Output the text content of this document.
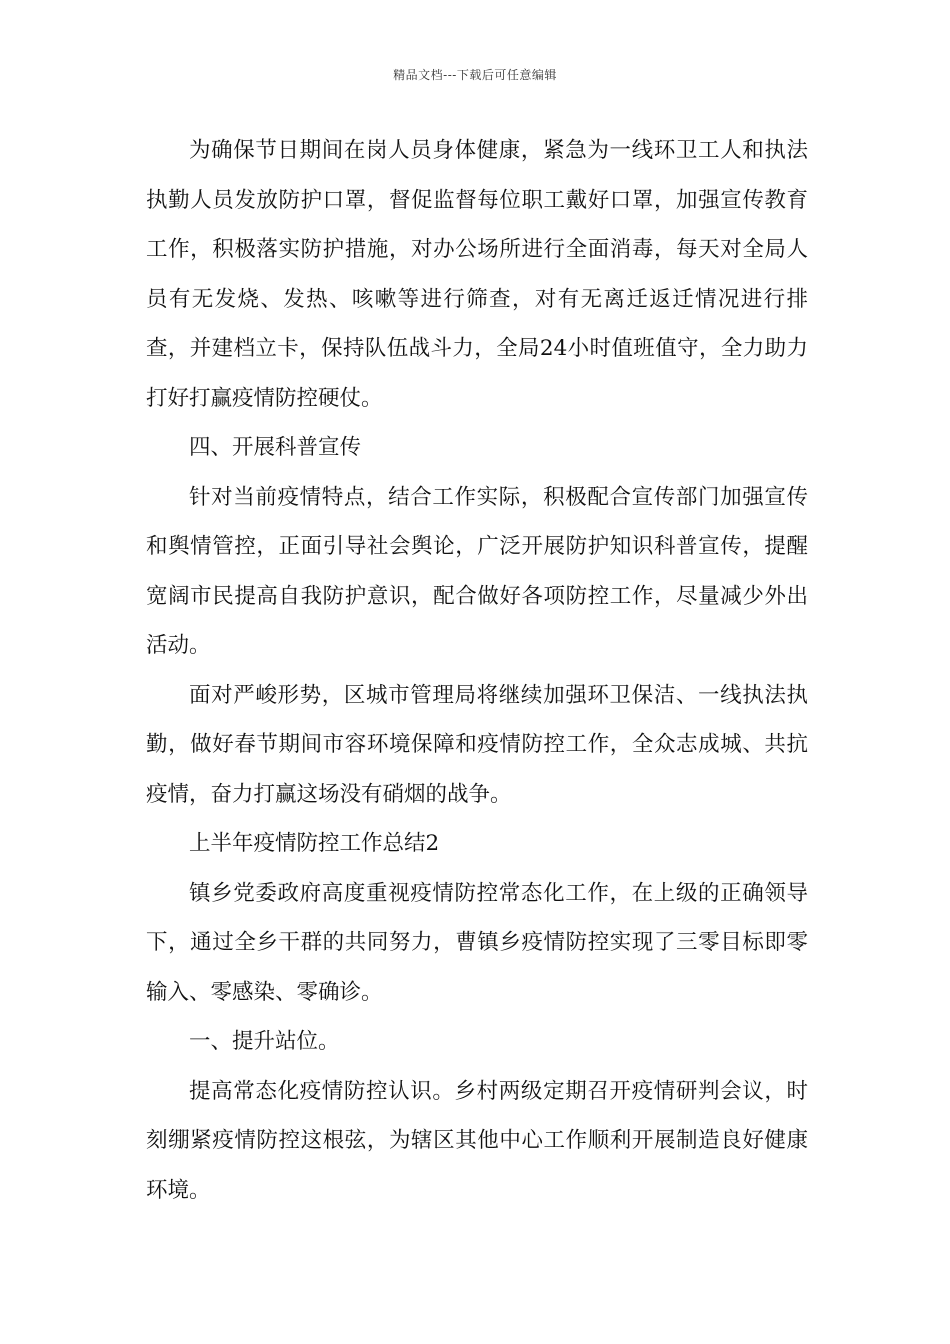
精品文档---下载后可任意编辑

为确保节日期间在岗人员身体健康，紧急为一线环卫工人和执法执勤人员发放防护口罩，督促监督每位职工戴好口罩，加强宣传教育工作，积极落实防护措施，对办公场所进行全面消毒，每天对全局人员有无发烧、发热、咳嗽等进行筛查，对有无离迁返迁情况进行排查，并建档立卡，保持队伍战斗力，全局24小时值班值守，全力助力打好打赢疫情防控硬仗。

四、开展科普宣传

针对当前疫情特点，结合工作实际，积极配合宣传部门加强宣传和舆情管控，正面引导社会舆论，广泛开展防护知识科普宣传，提醒宽阔市民提高自我防护意识，配合做好各项防控工作，尽量减少外出活动。

面对严峻形势，区城市管理局将继续加强环卫保洁、一线执法执勤，做好春节期间市容环境保障和疫情防控工作，全众志成城、共抗疫情，奋力打赢这场没有硝烟的战争。

上半年疫情防控工作总结2

镇乡党委政府高度重视疫情防控常态化工作，在上级的正确领导下，通过全乡干群的共同努力，曹镇乡疫情防控实现了三零目标即零输入、零感染、零确诊。

一、提升站位。

提高常态化疫情防控认识。乡村两级定期召开疫情研判会议，时刻绷紧疫情防控这根弦，为辖区其他中心工作顺利开展制造良好健康环境。
